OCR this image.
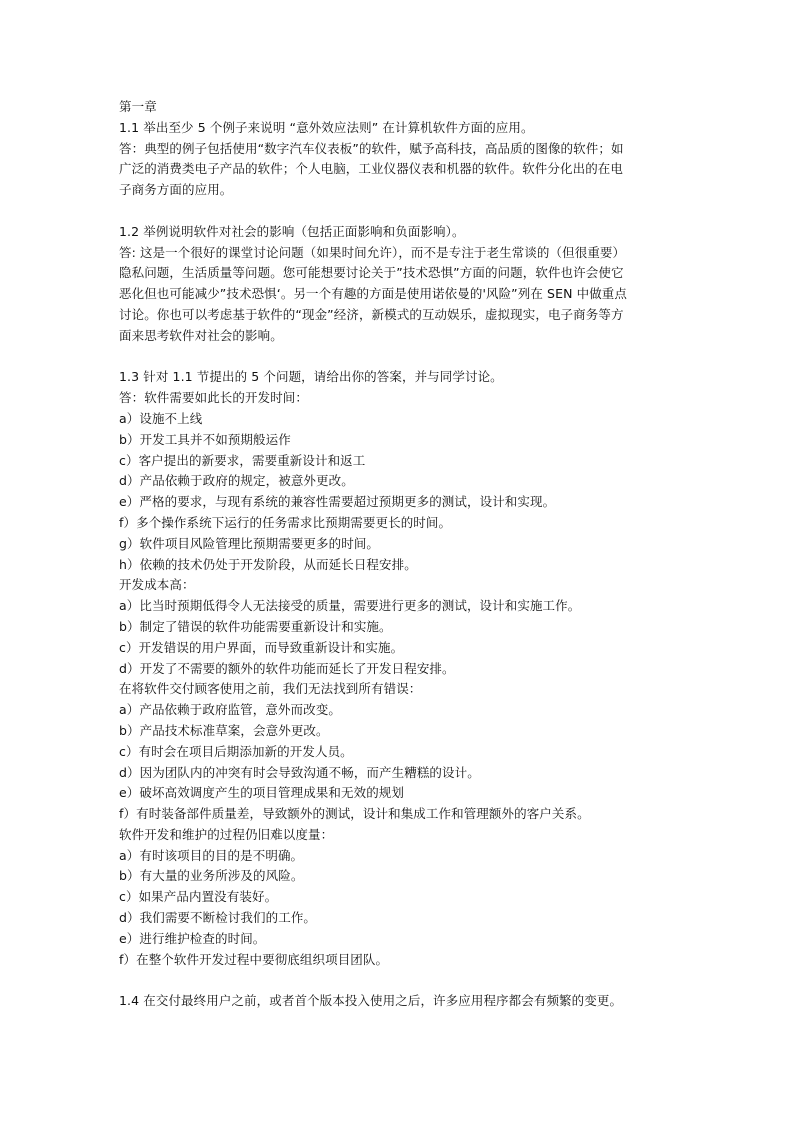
第一章
1.1 举出至少 5 个例子来说明 “意外效应法则” 在计算机软件方面的应用。
答：典型的例子包括使用“数字汽车仪表板”的软件，赋予高科技，高品质的图像的软件；如
广泛的消费类电子产品的软件；个人电脑，工业仪器仪表和机器的软件。软件分化出的在电
子商务方面的应用。
1.2 举例说明软件对社会的影响（包括正面影响和负面影响）。
答: 这是一个很好的课堂讨论问题（如果时间允许），而不是专注于老生常谈的（但很重要）
隐私问题，生活质量等问题。您可能想要讨论关于”技术恐惧”方面的问题，软件也许会使它
恶化但也可能减少”技术恐惧‘。另一个有趣的方面是使用诺依曼的'风险”列在 SEN 中做重点
讨论。你也可以考虑基于软件的“现金”经济，新模式的互动娱乐，虚拟现实，电子商务等方
面来思考软件对社会的影响。
1.3 针对 1.1 节提出的 5 个问题，请给出你的答案，并与同学讨论。
答：软件需要如此长的开发时间：
a）设施不上线
b）开发工具并不如预期般运作
c）客户提出的新要求，需要重新设计和返工
d）产品依赖于政府的规定，被意外更改。
e）严格的要求，与现有系统的兼容性需要超过预期更多的测试，设计和实现。
f）多个操作系统下运行的任务需求比预期需要更长的时间。
g）软件项目风险管理比预期需要更多的时间。
h）依赖的技术仍处于开发阶段，从而延长日程安排。
开发成本高：
a）比当时预期低得令人无法接受的质量，需要进行更多的测试，设计和实施工作。
b）制定了错误的软件功能需要重新设计和实施。
c）开发错误的用户界面，而导致重新设计和实施。
d）开发了不需要的额外的软件功能而延长了开发日程安排。
在将软件交付顾客使用之前，我们无法找到所有错误：
a）产品依赖于政府监管，意外而改变。
b）产品技术标准草案，会意外更改。
c）有时会在项目后期添加新的开发人员。
d）因为团队内的冲突有时会导致沟通不畅，而产生糟糕的设计。
e）破坏高效调度产生的项目管理成果和无效的规划
f）有时装备部件质量差，导致额外的测试，设计和集成工作和管理额外的客户关系。
软件开发和维护的过程仍旧难以度量：
a）有时该项目的目的是不明确。
b）有大量的业务所涉及的风险。
c）如果产品内置没有装好。
d）我们需要不断检讨我们的工作。
e）进行维护检查的时间。
f）在整个软件开发过程中要彻底组织项目团队。
1.4 在交付最终用户之前，或者首个版本投入使用之后，许多应用程序都会有频繁的变更。
